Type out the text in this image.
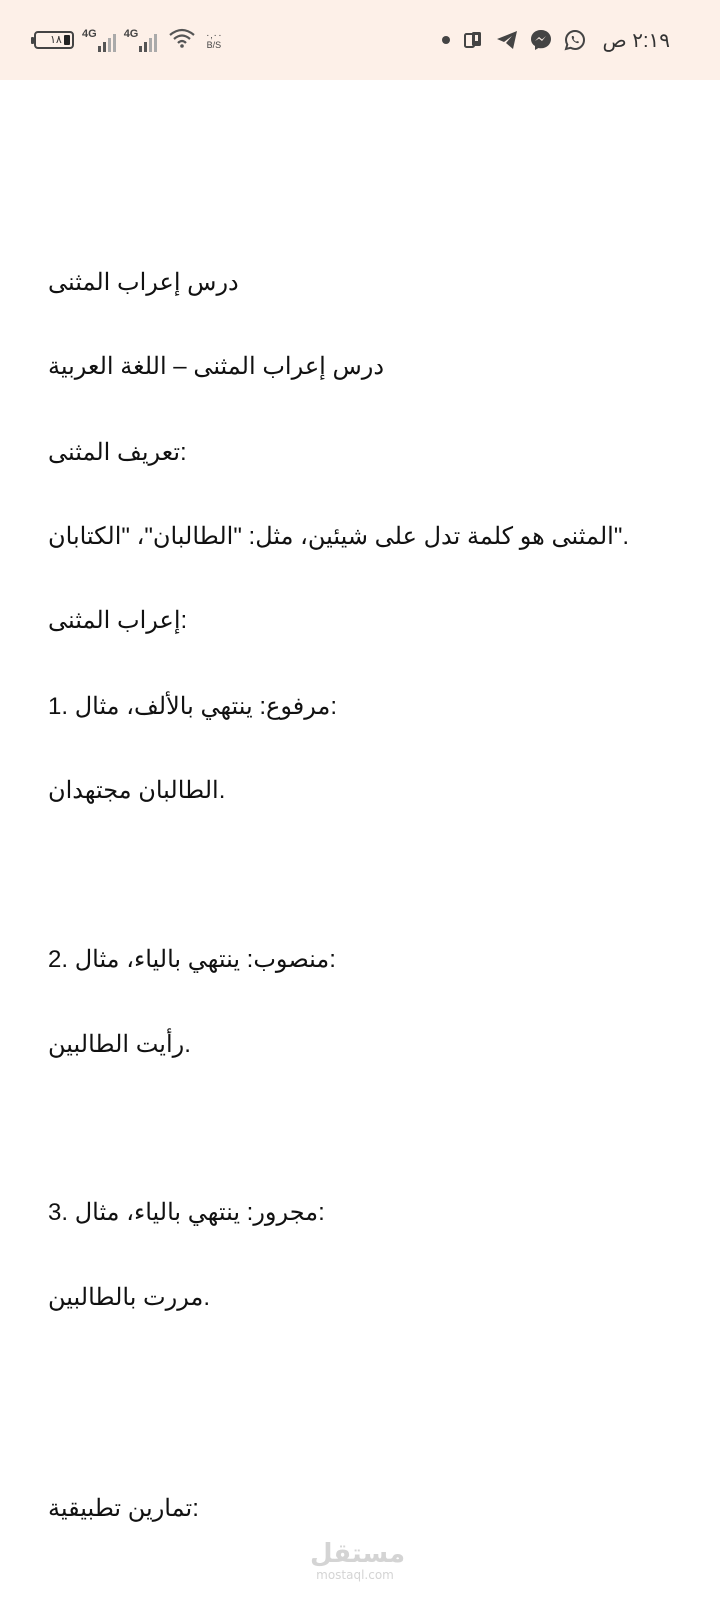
١٨ 4G 4G	٠,٠٠
B/S	٢:١٩ ص
درس إعراب المثنى
درس إعراب المثنى – اللغة العربية
تعريف المثنى:
المثنى هو كلمة تدل على شيئين، مثل: "الطالبان"، "الكتابان".
إعراب المثنى:
1. مرفوع: ينتهي بالألف، مثال:
الطالبان مجتهدان.
2. منصوب: ينتهي بالياء، مثال:
رأيت الطالبين.
3. مجرور: ينتهي بالياء، مثال:
مررت بالطالبين.
تمارين تطبيقية:
مستقل
mostaql.com
